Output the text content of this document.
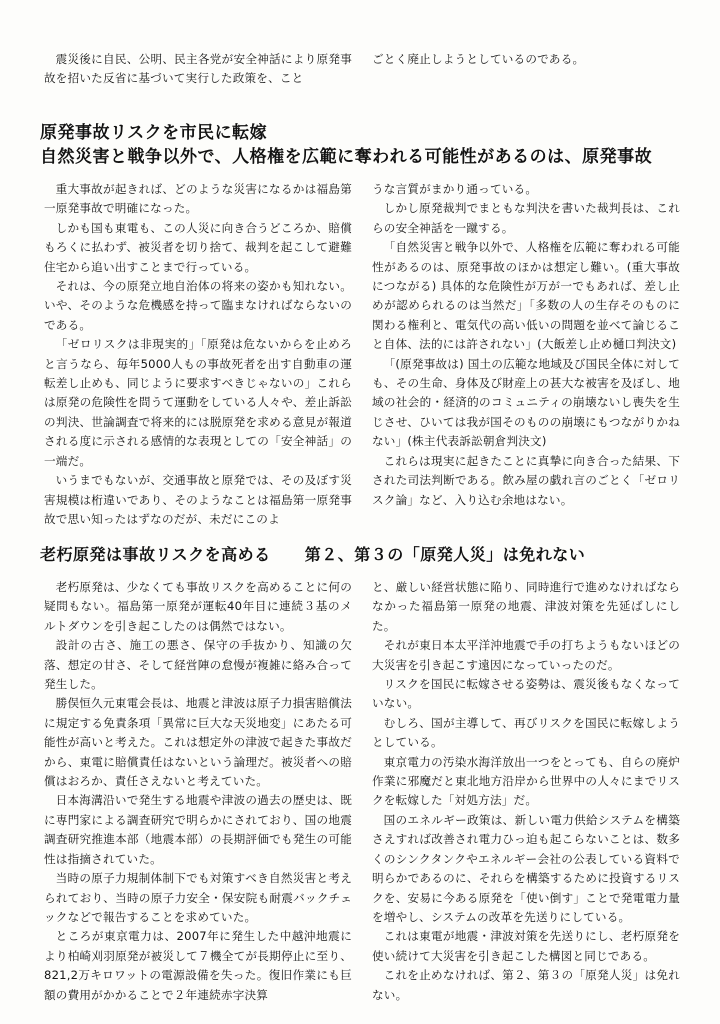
震災後に自民、公明、民主各党が安全神話により原発事故を招いた反省に基づいて実行した政策を、こと

ごとく廃止しようとしているのである。

原発事故リスクを市民に転嫁
自然災害と戦争以外で、人格権を広範に奪われる可能性があるのは、原発事故

重大事故が起きれば、どのような災害になるかは福島第一原発事故で明確になった。

しかも国も東電も、この人災に向き合うどころか、賠償もろくに払わず、被災者を切り捨て、裁判を起こして避難住宅から追い出すことまで行っている。

それは、今の原発立地自治体の将来の姿かも知れない。いや、そのような危機感を持って臨まなければならないのである。

「ゼロリスクは非現実的」「原発は危ないからを止めろと言うなら、毎年5000人もの事故死者を出す自動車の運転差し止めも、同じように要求すべきじゃないの」これらは原発の危険性を問うて運動をしている人々や、差止訴訟の判決、世論調査で将来的には脱原発を求める意見が報道される度に示される感情的な表現としての「安全神話」の一端だ。

いうまでもないが、交通事故と原発では、その及ぼす災害規模は桁違いであり、そのようなことは福島第一原発事故で思い知ったはずなのだが、未だにこのよ

うな言質がまかり通っている。

しかし原発裁判でまともな判決を書いた裁判長は、これらの安全神話を一蹴する。

「自然災害と戦争以外で、人格権を広範に奪われる可能性があるのは、原発事故のほかは想定し難い。(重大事故につながる) 具体的な危険性が万が一でもあれば、差し止めが認められるのは当然だ」「多数の人の生存そのものに関わる権利と、電気代の高い低いの問題を並べて論じること自体、法的には許されない」(大飯差し止め樋口判決文)

「(原発事故は) 国土の広範な地域及び国民全体に対しても、その生命、身体及び財産上の甚大な被害を及ぼし、地域の社会的・経済的のコミュニティの崩壊ないし喪失を生じさせ、ひいては我が国そのものの崩壊にもつながりかねない」(株主代表訴訟朝倉判決文)

これらは現実に起きたことに真摯に向き合った結果、下された司法判断である。飲み屋の戯れ言のごとく「ゼロリスク論」など、入り込む余地はない。

老朽原発は事故リスクを高める 第２、第３の「原発人災」は免れない

老朽原発は、少なくても事故リスクを高めることに何の疑問もない。福島第一原発が運転40年目に連続３基のメルトダウンを引き起こしたのは偶然ではない。

設計の古さ、施工の悪さ、保守の手抜かり、知識の欠落、想定の甘さ、そして経営陣の怠慢が複雑に絡み合って発生した。

勝俣恒久元東電会長は、地震と津波は原子力損害賠償法に規定する免責条項「異常に巨大な天災地変」にあたる可能性が高いと考えた。これは想定外の津波で起きた事故だから、東電に賠償責任はないという論理だ。被災者への賠償はおろか、責任さえないと考えていた。

日本海溝沿いで発生する地震や津波の過去の歴史は、既に専門家による調査研究で明らかにされており、国の地震調査研究推進本部（地震本部）の長期評価でも発生の可能性は指摘されていた。

当時の原子力規制体制下でも対策すべき自然災害と考えられており、当時の原子力安全・保安院も耐震バックチェックなどで報告することを求めていた。

ところが東京電力は、2007年に発生した中越沖地震により柏崎刈羽原発が被災して７機全てが長期停止に至り、821,2万キロワットの電源設備を失った。復旧作業にも巨額の費用がかかることで２年連続赤字決算

と、厳しい経営状態に陥り、同時進行で進めなければならなかった福島第一原発の地震、津波対策を先延ばしにした。

それが東日本太平洋沖地震で手の打ちようもないほどの大災害を引き起こす遠因になっていったのだ。

リスクを国民に転嫁させる姿勢は、震災後もなくなっていない。

むしろ、国が主導して、再びリスクを国民に転嫁しようとしている。

東京電力の汚染水海洋放出一つをとっても、自らの廃炉作業に邪魔だと東北地方沿岸から世界中の人々にまでリスクを転嫁した「対処方法」だ。

国のエネルギー政策は、新しい電力供給システムを構築さえすれば改善され電力ひっ迫も起こらないことは、数多くのシンクタンクやエネルギー会社の公表している資料で明らかであるのに、それらを構築するために投資するリスクを、安易に今ある原発を「使い倒す」ことで発電電力量を増やし、システムの改革を先送りにしている。

これは東電が地震・津波対策を先送りにし、老朽原発を使い続けて大災害を引き起こした構図と同じである。

これを止めなければ、第２、第３の「原発人災」は免れない。
